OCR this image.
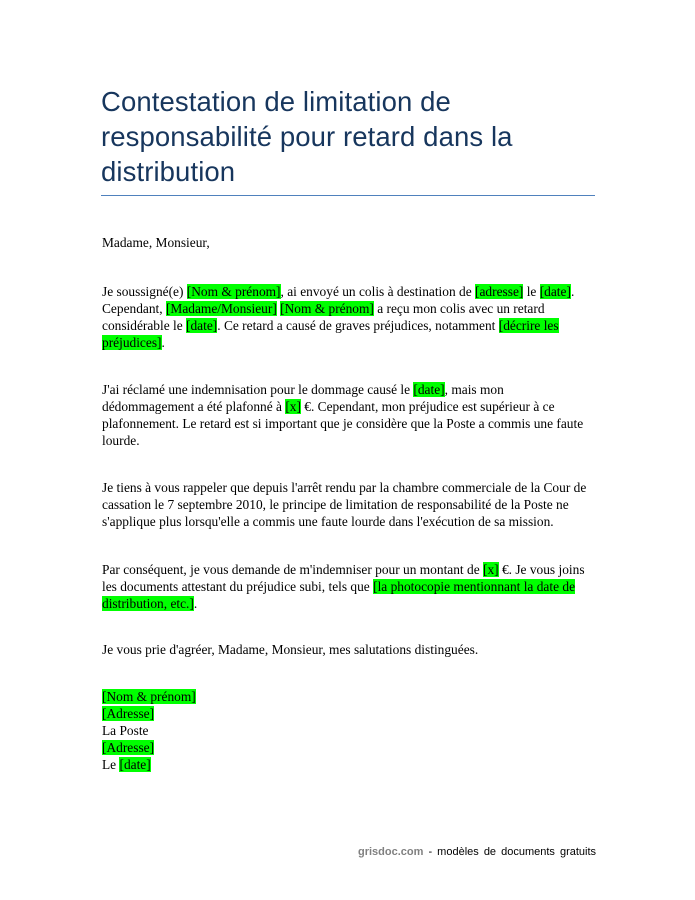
Contestation de limitation de
responsabilité pour retard dans la
distribution
Madame, Monsieur,
Je soussigné(e) [Nom & prénom], ai envoyé un colis à destination de [adresse] le [date].
Cependant, [Madame/Monsieur] [Nom & prénom] a reçu mon colis avec un retard
considérable le [date]. Ce retard a causé de graves préjudices, notamment [décrire les
préjudices].
J'ai réclamé une indemnisation pour le dommage causé le [date], mais mon
dédommagement a été plafonné à [x] €. Cependant, mon préjudice est supérieur à ce
plafonnement. Le retard est si important que je considère que la Poste a commis une faute
lourde.
Je tiens à vous rappeler que depuis l'arrêt rendu par la chambre commerciale de la Cour de
cassation le 7 septembre 2010, le principe de limitation de responsabilité de la Poste ne
s'applique plus lorsqu'elle a commis une faute lourde dans l'exécution de sa mission.
Par conséquent, je vous demande de m'indemniser pour un montant de [x] €. Je vous joins
les documents attestant du préjudice subi, tels que [la photocopie mentionnant la date de
distribution, etc.].
Je vous prie d'agréer, Madame, Monsieur, mes salutations distinguées.
[Nom & prénom]
[Adresse]
La Poste
[Adresse]
Le [date]
grisdoc.com - modèles de documents gratuits
